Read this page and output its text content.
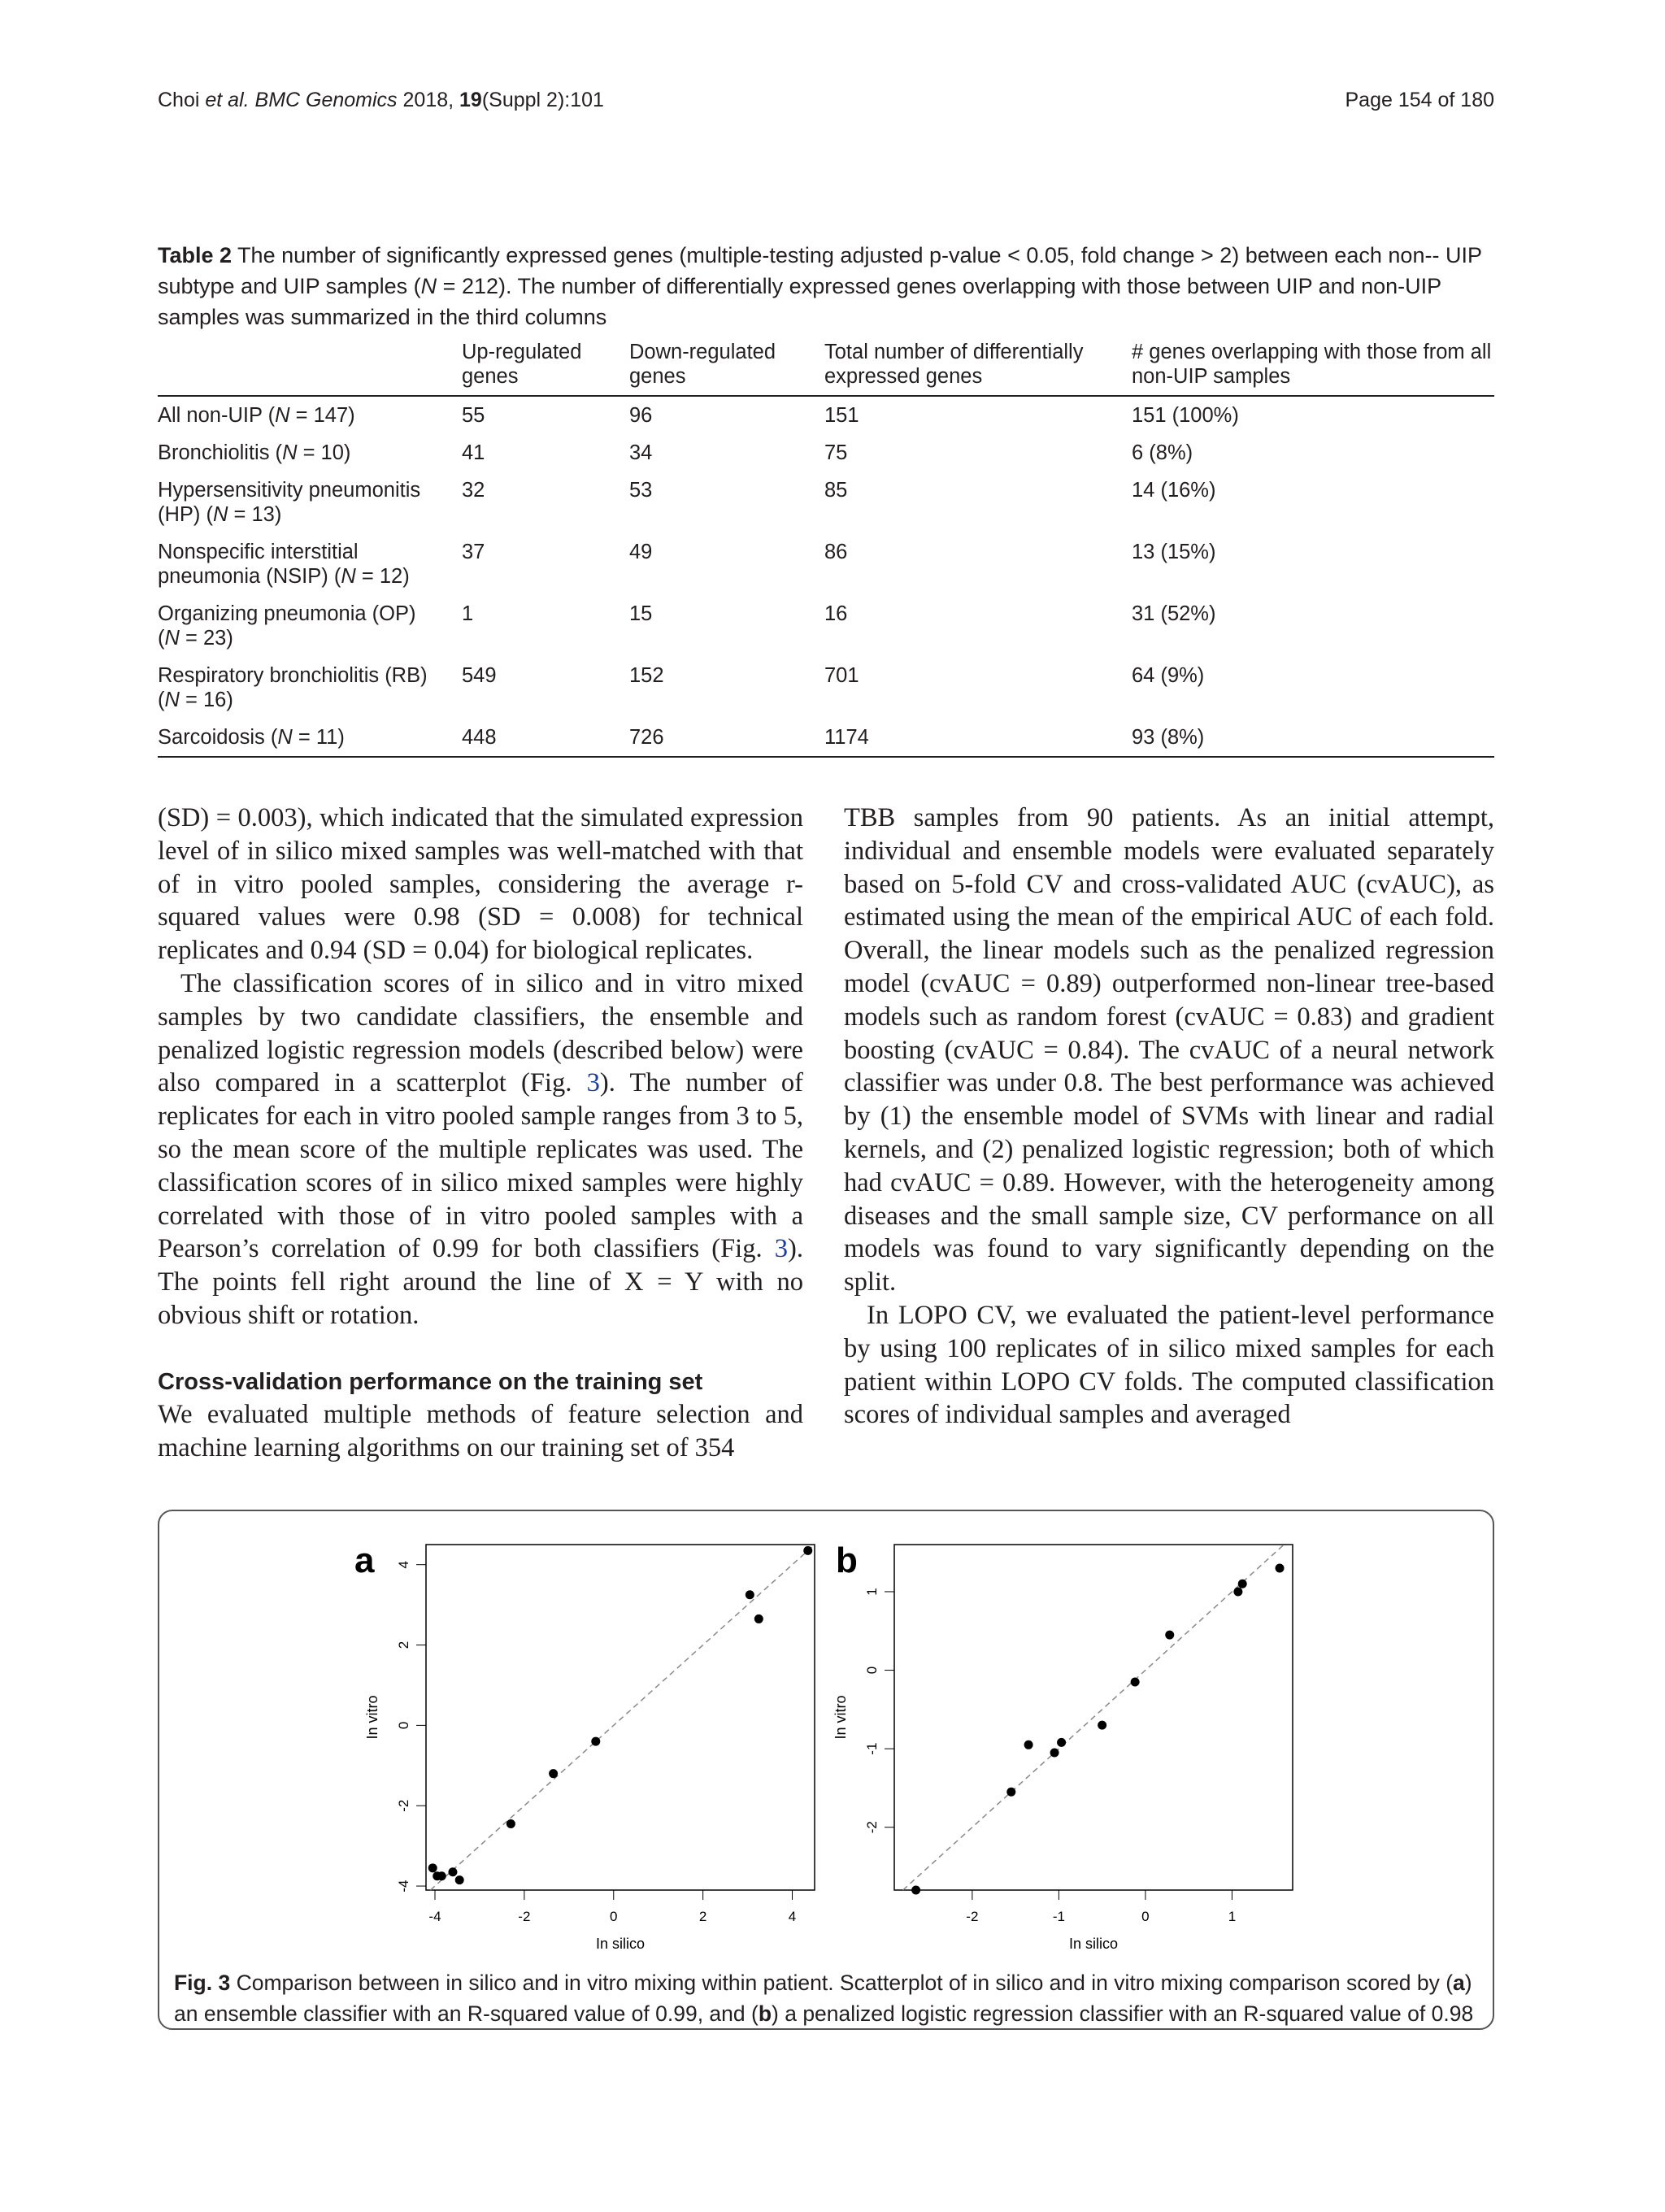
Choi et al. BMC Genomics 2018, 19(Suppl 2):101	Page 154 of 180
Table 2 The number of significantly expressed genes (multiple-testing adjusted p-value < 0.05, fold change > 2) between each non-- UIP subtype and UIP samples (N = 212). The number of differentially expressed genes overlapping with those between UIP and non-UIP samples was summarized in the third columns
	Up-regulated genes	Down-regulated genes	Total number of differentially expressed genes	# genes overlapping with those from all non-UIP samples
All non-UIP (N = 147)	55	96	151	151 (100%)
Bronchiolitis (N = 10)	41	34	75	6 (8%)
Hypersensitivity pneumonitis (HP) (N = 13)	32	53	85	14 (16%)
Nonspecific interstitial pneumonia (NSIP) (N = 12)	37	49	86	13 (15%)
Organizing pneumonia (OP) (N = 23)	1	15	16	31 (52%)
Respiratory bronchiolitis (RB) (N = 16)	549	152	701	64 (9%)
Sarcoidosis (N = 11)	448	726	1174	93 (8%)

(SD) = 0.003), which indicated that the simulated expression level of in silico mixed samples was well-matched with that of in vitro pooled samples, considering the average r-squared values were 0.98 (SD = 0.008) for technical replicates and 0.94 (SD = 0.04) for biological replicates.

The classification scores of in silico and in vitro mixed samples by two candidate classifiers, the ensemble and penalized logistic regression models (described below) were also compared in a scatterplot (Fig. 3). The number of replicates for each in vitro pooled sample ranges from 3 to 5, so the mean score of the multiple replicates was used. The classification scores of in silico mixed samples were highly correlated with those of in vitro pooled samples with a Pearson’s correlation of 0.99 for both classifiers (Fig. 3). The points fell right around the line of X = Y with no obvious shift or rotation.

Cross-validation performance on the training set

We evaluated multiple methods of feature selection and machine learning algorithms on our training set of 354

TBB samples from 90 patients. As an initial attempt, individual and ensemble models were evaluated separately based on 5-fold CV and cross-validated AUC (cvAUC), as estimated using the mean of the empirical AUC of each fold. Overall, the linear models such as the penalized regression model (cvAUC = 0.89) outperformed non-linear tree-based models such as random forest (cvAUC = 0.83) and gradient boosting (cvAUC = 0.84). The cvAUC of a neural network classifier was under 0.8. The best performance was achieved by (1) the ensemble model of SVMs with linear and radial kernels, and (2) penalized logistic regression; both of which had cvAUC = 0.89. However, with the heterogeneity among diseases and the small sample size, CV performance on all models was found to vary significantly depending on the split.

In LOPO CV, we evaluated the patient-level performance by using 100 replicates of in silico mixed samples for each patient within LOPO CV folds. The computed classification scores of individual samples and averaged

a
-4	-2	0	2	4
-4
-2
0
2
4
In silico
In vitro
b
-2	-1	0	1
-2
-1
0
1
In silico
In vitro
Fig. 3 Comparison between in silico and in vitro mixing within patient. Scatterplot of in silico and in vitro mixing comparison scored by (a) an ensemble classifier with an R-squared value of 0.99, and (b) a penalized logistic regression classifier with an R-squared value of 0.98
